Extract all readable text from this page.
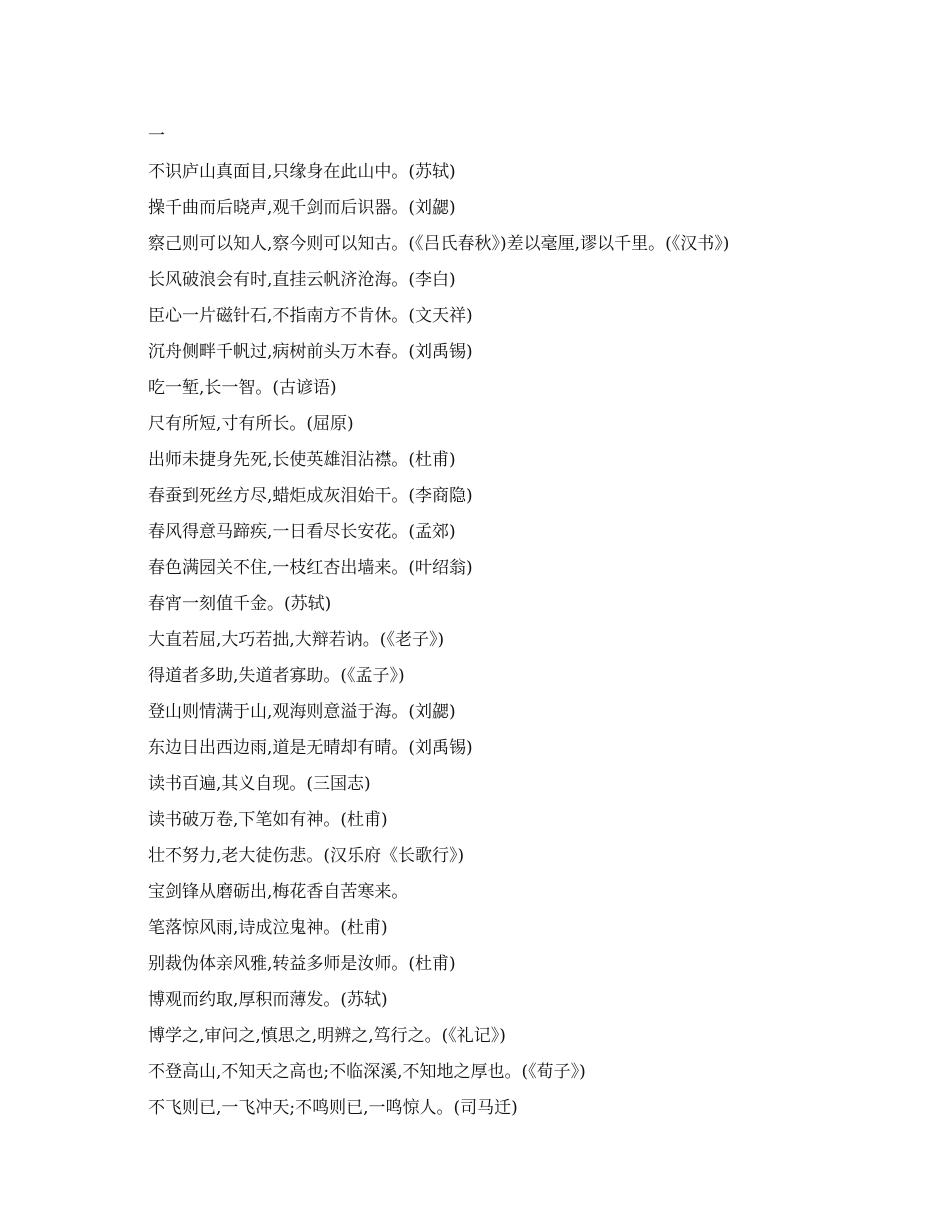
一
不识庐山真面目,只缘身在此山中。(苏轼)
操千曲而后晓声,观千剑而后识器。(刘勰)
察己则可以知人,察今则可以知古。(《吕氏春秋》)差以毫厘,谬以千里。(《汉书》)
长风破浪会有时,直挂云帆济沧海。(李白)
臣心一片磁针石,不指南方不肯休。(文天祥)
沉舟侧畔千帆过,病树前头万木春。(刘禹锡)
吃一堑,长一智。(古谚语)
尺有所短,寸有所长。(屈原)
出师未捷身先死,长使英雄泪沾襟。(杜甫)
春蚕到死丝方尽,蜡炬成灰泪始干。(李商隐)
春风得意马蹄疾,一日看尽长安花。(孟郊)
春色满园关不住,一枝红杏出墙来。(叶绍翁)
春宵一刻值千金。(苏轼)
大直若屈,大巧若拙,大辩若讷。(《老子》)
得道者多助,失道者寡助。(《孟子》)
登山则情满于山,观海则意溢于海。(刘勰)
东边日出西边雨,道是无晴却有晴。(刘禹锡)
读书百遍,其义自现。(三国志)
读书破万卷,下笔如有神。(杜甫)
壮不努力,老大徒伤悲。(汉乐府《长歌行》)
宝剑锋从磨砺出,梅花香自苦寒来。
笔落惊风雨,诗成泣鬼神。(杜甫)
别裁伪体亲风雅,转益多师是汝师。(杜甫)
博观而约取,厚积而薄发。(苏轼)
博学之,审问之,慎思之,明辨之,笃行之。(《礼记》)
不登高山,不知天之高也;不临深溪,不知地之厚也。(《荀子》)
不飞则已,一飞冲天;不鸣则已,一鸣惊人。(司马迁)
